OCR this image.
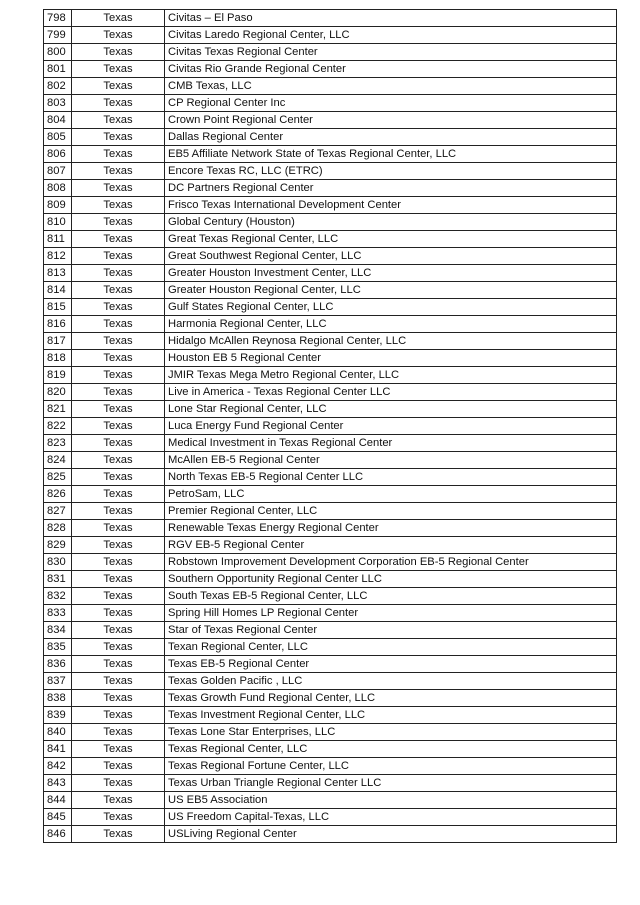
798	Texas	Civitas – El Paso
799	Texas	Civitas Laredo Regional Center, LLC
800	Texas	Civitas Texas Regional Center
801	Texas	Civitas Rio Grande Regional Center
802	Texas	CMB Texas, LLC
803	Texas	CP Regional Center Inc
804	Texas	Crown Point Regional Center
805	Texas	Dallas Regional Center
806	Texas	EB5 Affiliate Network State of Texas Regional Center, LLC
807	Texas	Encore Texas RC, LLC (ETRC)
808	Texas	DC Partners Regional Center
809	Texas	Frisco Texas International Development Center
810	Texas	Global Century (Houston)
811	Texas	Great Texas Regional Center, LLC
812	Texas	Great Southwest Regional Center, LLC
813	Texas	Greater Houston Investment Center, LLC
814	Texas	Greater Houston Regional Center, LLC
815	Texas	Gulf States Regional Center, LLC
816	Texas	Harmonia Regional Center, LLC
817	Texas	Hidalgo McAllen Reynosa Regional Center, LLC
818	Texas	Houston EB 5 Regional Center
819	Texas	JMIR Texas Mega Metro Regional Center, LLC
820	Texas	Live in America - Texas Regional Center LLC
821	Texas	Lone Star Regional Center, LLC
822	Texas	Luca Energy Fund Regional Center
823	Texas	Medical Investment in Texas Regional Center
824	Texas	McAllen EB-5 Regional Center
825	Texas	North Texas EB-5 Regional Center LLC
826	Texas	PetroSam, LLC
827	Texas	Premier Regional Center, LLC
828	Texas	Renewable Texas Energy Regional Center
829	Texas	RGV EB-5 Regional Center
830	Texas	Robstown Improvement Development Corporation EB-5 Regional Center
831	Texas	Southern Opportunity Regional Center LLC
832	Texas	South Texas EB-5 Regional Center, LLC
833	Texas	Spring Hill Homes LP Regional Center
834	Texas	Star of Texas Regional Center
835	Texas	Texan Regional Center, LLC
836	Texas	Texas EB-5 Regional Center
837	Texas	Texas Golden Pacific , LLC
838	Texas	Texas Growth Fund Regional Center, LLC
839	Texas	Texas Investment Regional Center, LLC
840	Texas	Texas Lone Star Enterprises, LLC
841	Texas	Texas Regional Center, LLC
842	Texas	Texas Regional Fortune Center, LLC
843	Texas	Texas Urban Triangle Regional Center LLC
844	Texas	US EB5 Association
845	Texas	US Freedom Capital-Texas, LLC
846	Texas	USLiving Regional Center
